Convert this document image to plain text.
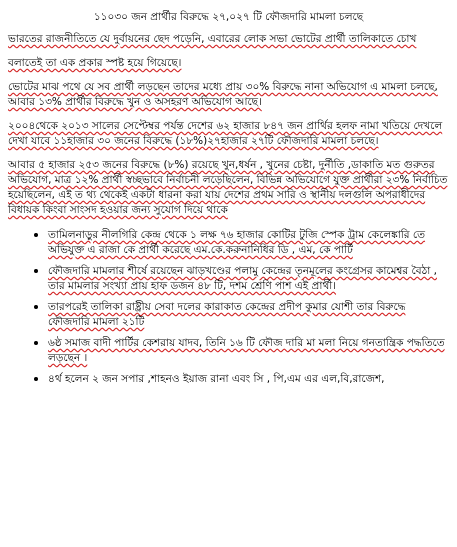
১১০৩০ জন প্রার্থীর বিরুদ্ধে ২৭,০২৭ টি ফৌজদারি মামলা চলছে

ভারতের রাজনীতিতে যে দুর্বায়নের ছেদ পড়েনি, এবারের লোক সভা ভোটের প্রার্থী তালিকাতে চোখ

বলাতেই তা এক প্রকার স্পষ্ট হয়ে গিয়েছে।

ভোটের মাঝ পথে যে সব প্রার্থী লড়ছেন তাদের মধ্যে প্রায় ৩০% বিরুদ্ধে নানা অভিযোগ এ মামলা চলছে, আবার ১৩% প্রার্থীর বিরুদ্ধে খুন ও অসহরণ অভিযোগ আছে।

২০০৪থেকে ২০১৩ সালের সেপ্টেম্বর পর্যন্ত দেশের ৬২ হাজার ৮৪৭ জন প্রার্থির হলফ নামা খতিয়ে দেখলে দেখা যাবে ১১হাজার ৩০ জনের বিরুদ্ধে (১৮%)২৭হাজার ২৭টি ফৌজদারি মামলা চলছে।

আবার ৫ হাজার ২৫৩ জনের বিরুদ্ধে (৮%) রয়েছে খুন,ধর্ষন , খুনের চেষ্টা, দুর্নীতি ,ডাকাতি মত গুরুতর অভিযোগ, মাত্র ১২% প্রার্থী স্বচ্ছভাবে নির্বাচনী লড়েছিলেন, বিভিন্ন অভিযোগে যুক্ত প্রার্থীরা ২৩% নির্বাচিত হয়েছিলেন, এই ত থ্য থেকেই একটা ধারনা করা যায় দেশের প্রথম সারি ও স্থানীয় দলগুলি অপরাধীদের বিধায়ক কিংবা সাংসদ হওয়ার জন্য সুযোগ দিয়ে থাকে

• তামিলনাড়ুর নীলগিরি কেন্দ্র থেকে ১ লক্ষ ৭৬ হাজার কোটির টুজি স্পেক ট্রাম কেলেঙ্কারি তে অভিযুক্ত এ রাজা কে প্রার্থী করেছে এম.কে.করুনানিধির ডি , এম, কে পার্টি
• ফৌজদারি মামলার শীর্ষে রয়েছেন ঝাড়খণ্ডের পলামু কেন্দ্রের তৃনমূলের কংগ্রেসর কামেশ্বর বৈঠা , তার মামলার সংখ্যা প্রায় হাফ ডজন ৪৮ টি, দশম শ্রেণি পাশ এই প্রার্থী।
• তারপরেই তালিকা রাষ্ট্রীয় সেবা দলের কারাকাত কেন্দ্রের প্রদীপ কুমার যোশী তার বিরুদ্ধে ফৌজদারি মামলা ২১টি
• ৬ষ্ঠ সমাজ বাদী পার্টির কেশরায় যাদব, তিনি ১৬ টি ফৌজ দারি মা মলা নিয়ে গনতান্ত্রিক পদ্ধতিতে লড়ছেন ।
• ৪র্থ হলেন ২ জন সপার ,শাহনও ইয়াজ রানা এবং সি , পি,এম এর এল,বি,রাজেশ,
